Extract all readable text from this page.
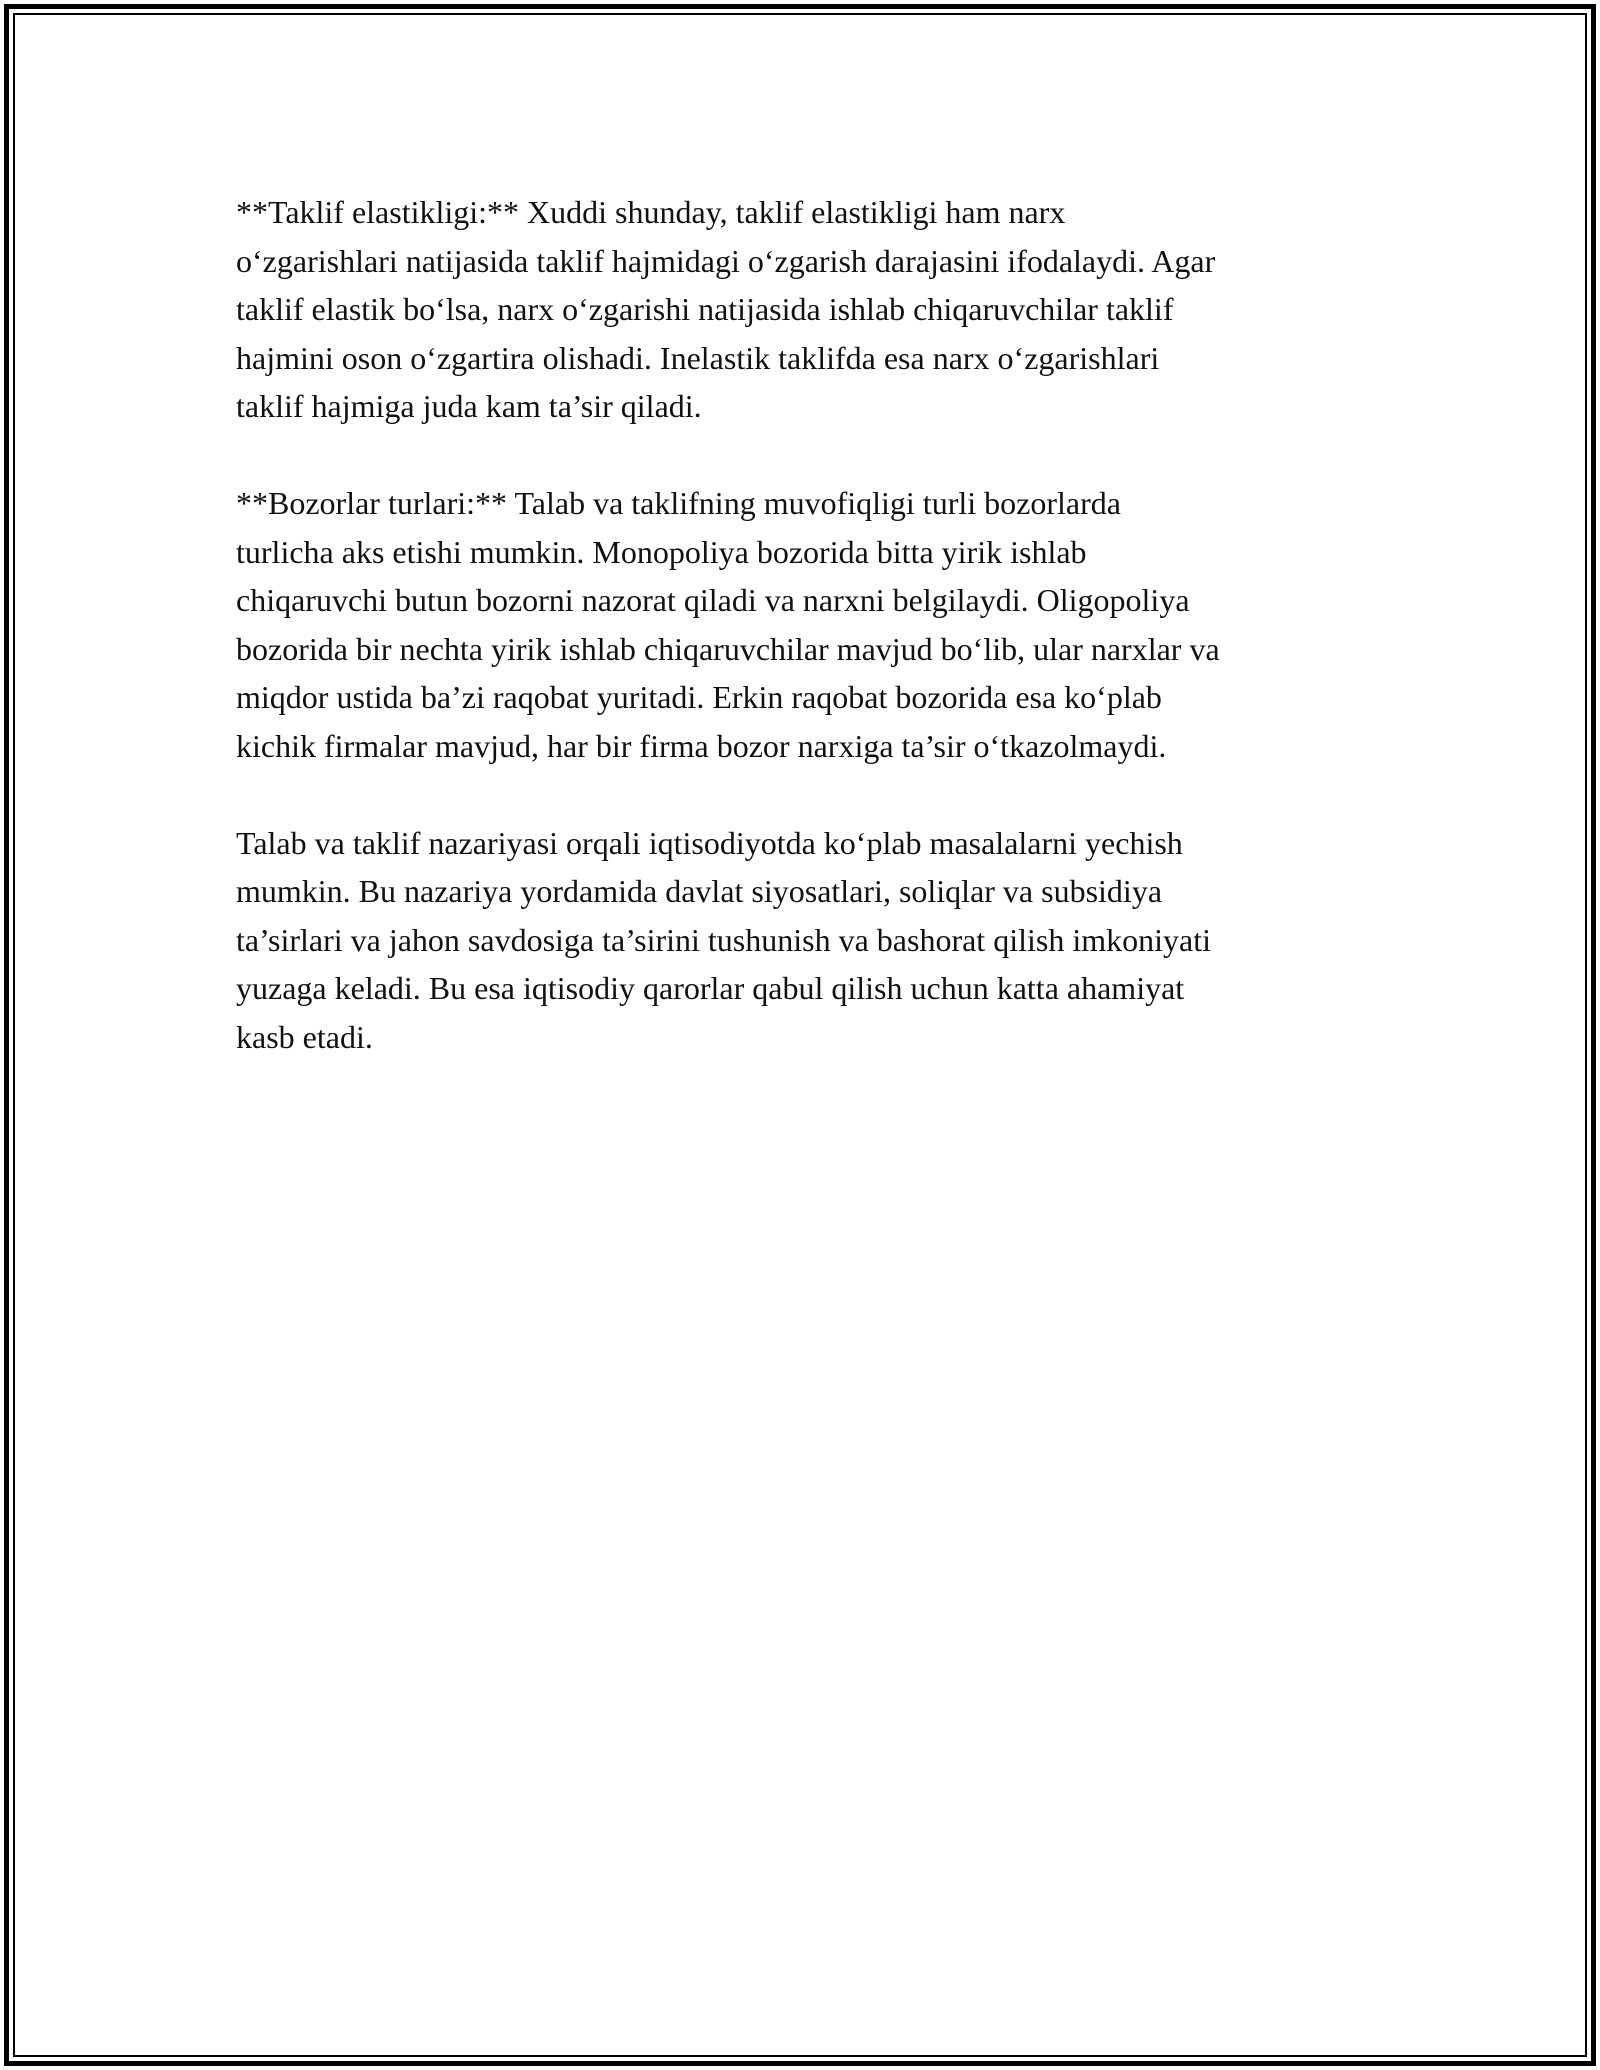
**Taklif elastikligi:** Xuddi shunday, taklif elastikligi ham narx
o‘zgarishlari natijasida taklif hajmidagi o‘zgarish darajasini ifodalaydi. Agar
taklif elastik bo‘lsa, narx o‘zgarishi natijasida ishlab chiqaruvchilar taklif
hajmini oson o‘zgartira olishadi. Inelastik taklifda esa narx o‘zgarishlari
taklif hajmiga juda kam ta’sir qiladi.

**Bozorlar turlari:** Talab va taklifning muvofiqligi turli bozorlarda
turlicha aks etishi mumkin. Monopoliya bozorida bitta yirik ishlab
chiqaruvchi butun bozorni nazorat qiladi va narxni belgilaydi. Oligopoliya
bozorida bir nechta yirik ishlab chiqaruvchilar mavjud bo‘lib, ular narxlar va
miqdor ustida ba’zi raqobat yuritadi. Erkin raqobat bozorida esa ko‘plab
kichik firmalar mavjud, har bir firma bozor narxiga ta’sir o‘tkazolmaydi.

Talab va taklif nazariyasi orqali iqtisodiyotda ko‘plab masalalarni yechish
mumkin. Bu nazariya yordamida davlat siyosatlari, soliqlar va subsidiya
ta’sirlari va jahon savdosiga ta’sirini tushunish va bashorat qilish imkoniyati
yuzaga keladi. Bu esa iqtisodiy qarorlar qabul qilish uchun katta ahamiyat
kasb etadi.
